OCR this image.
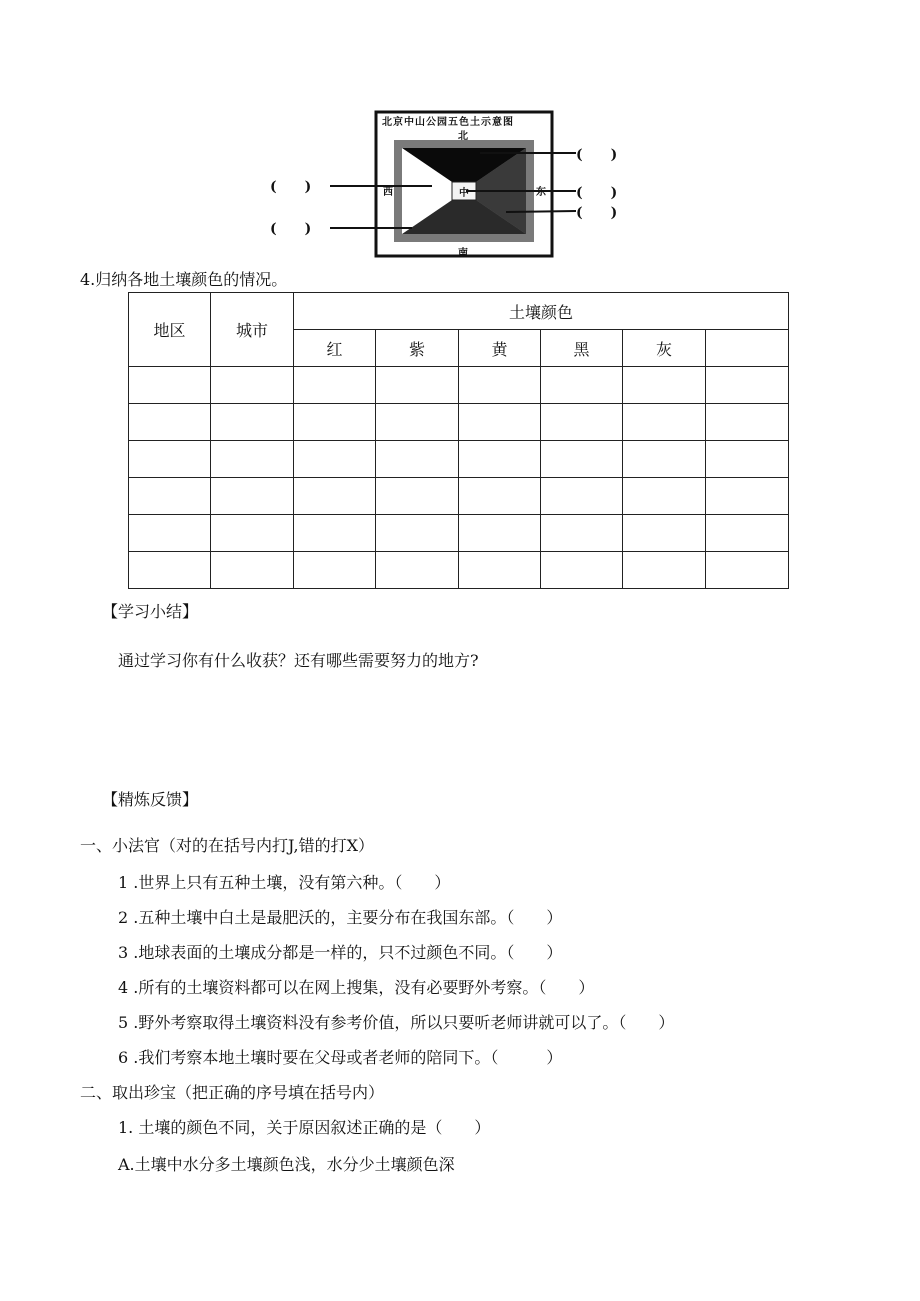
北京中山公园五色土示意图
北
西	中	东
南
(　　)
(　　)
(　　)
(　　)
(　　)
4.归纳各地土壤颜色的情况。
地区	城市	土壤颜色					
		红	紫	黄	黑	灰	

【学习小结】
通过学习你有什么收获？还有哪些需要努力的地方?
【精炼反馈】
一、小法官（对的在括号内打J,错的打X）
1 .世界上只有五种土壤，没有第六种。（　　）
2 .五种土壤中白土是最肥沃的，主要分布在我国东部。（　　）
3 .地球表面的土壤成分都是一样的，只不过颜色不同。（　　）
4 .所有的土壤资料都可以在网上搜集，没有必要野外考察。（　　）
5 .野外考察取得土壤资料没有参考价值，所以只要听老师讲就可以了。（　　）
6 .我们考察本地土壤时要在父母或者老师的陪同下。（　　　）
二、取出珍宝（把正确的序号填在括号内）
1. 土壤的颜色不同，关于原因叙述正确的是（　　）
A.土壤中水分多土壤颜色浅，水分少土壤颜色深
